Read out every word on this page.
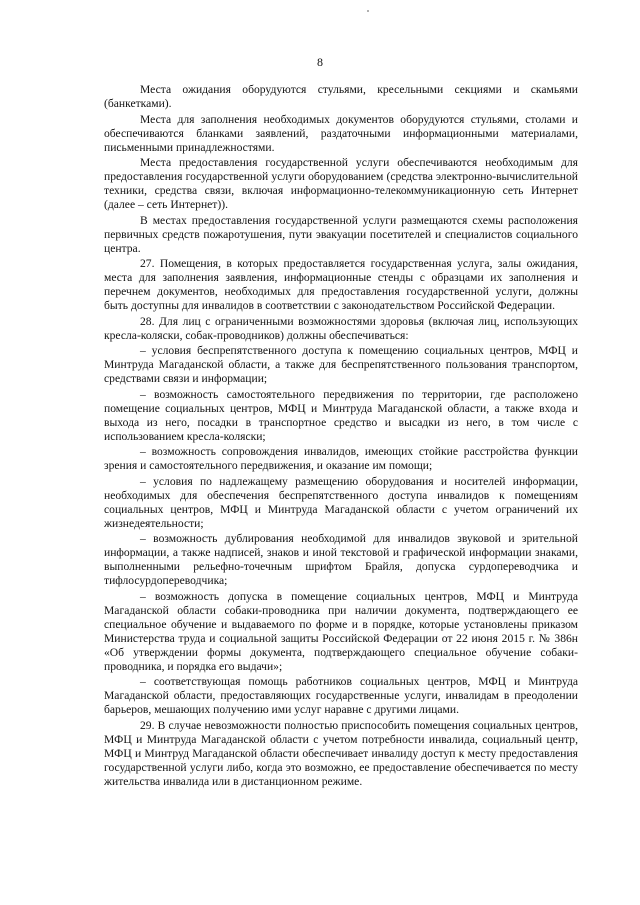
8

Места ожидания оборудуются стульями, кресельными секциями и скамьями (банкетками).

Места для заполнения необходимых документов оборудуются стульями, столами и обеспечиваются бланками заявлений, раздаточными информационными материалами, письменными принадлежностями.

Места предоставления государственной услуги обеспечиваются необходимым для предоставления государственной услуги оборудованием (средства электронно-вычислительной техники, средства связи, включая информационно-телекоммуникационную сеть Интернет (далее – сеть Интернет)).

В местах предоставления государственной услуги размещаются схемы расположения первичных средств пожаротушения, пути эвакуации посетителей и специалистов социального центра.

27. Помещения, в которых предоставляется государственная услуга, залы ожидания, места для заполнения заявления, информационные стенды с образцами их заполнения и перечнем документов, необходимых для предоставления государственной услуги, должны быть доступны для инвалидов в соответствии с законодательством Российской Федерации.

28. Для лиц с ограниченными возможностями здоровья (включая лиц, использующих кресла-коляски, собак-проводников) должны обеспечиваться:

– условия беспрепятственного доступа к помещению социальных центров, МФЦ и Минтруда Магаданской области, а также для беспрепятственного пользования транспортом, средствами связи и информации;

– возможность самостоятельного передвижения по территории, где расположено помещение социальных центров, МФЦ и Минтруда Магаданской области, а также входа и выхода из него, посадки в транспортное средство и высадки из него, в том числе с использованием кресла-коляски;

– возможность сопровождения инвалидов, имеющих стойкие расстройства функции зрения и самостоятельного передвижения, и оказание им помощи;

– условия по надлежащему размещению оборудования и носителей информации, необходимых для обеспечения беспрепятственного доступа инвалидов к помещениям социальных центров, МФЦ и Минтруда Магаданской области с учетом ограничений их жизнедеятельности;

– возможность дублирования необходимой для инвалидов звуковой и зрительной информации, а также надписей, знаков и иной текстовой и графической информации знаками, выполненными рельефно-точечным шрифтом Брайля, допуска сурдопереводчика и тифлосурдопереводчика;

– возможность допуска в помещение социальных центров, МФЦ и Минтруда Магаданской области собаки-проводника при наличии документа, подтверждающего ее специальное обучение и выдаваемого по форме и в порядке, которые установлены приказом Министерства труда и социальной защиты Российской Федерации от 22 июня 2015 г. № 386н «Об утверждении формы документа, подтверждающего специальное обучение собаки-проводника, и порядка его выдачи»;

– соответствующая помощь работников социальных центров, МФЦ и Минтруда Магаданской области, предоставляющих государственные услуги, инвалидам в преодолении барьеров, мешающих получению ими услуг наравне с другими лицами.

29. В случае невозможности полностью приспособить помещения социальных центров, МФЦ и Минтруда Магаданской области с учетом потребности инвалида, социальный центр, МФЦ и Минтруд Магаданской области обеспечивает инвалиду доступ к месту предоставления государственной услуги либо, когда это возможно, ее предоставление обеспечивается по месту жительства инвалида или в дистанционном режиме.
